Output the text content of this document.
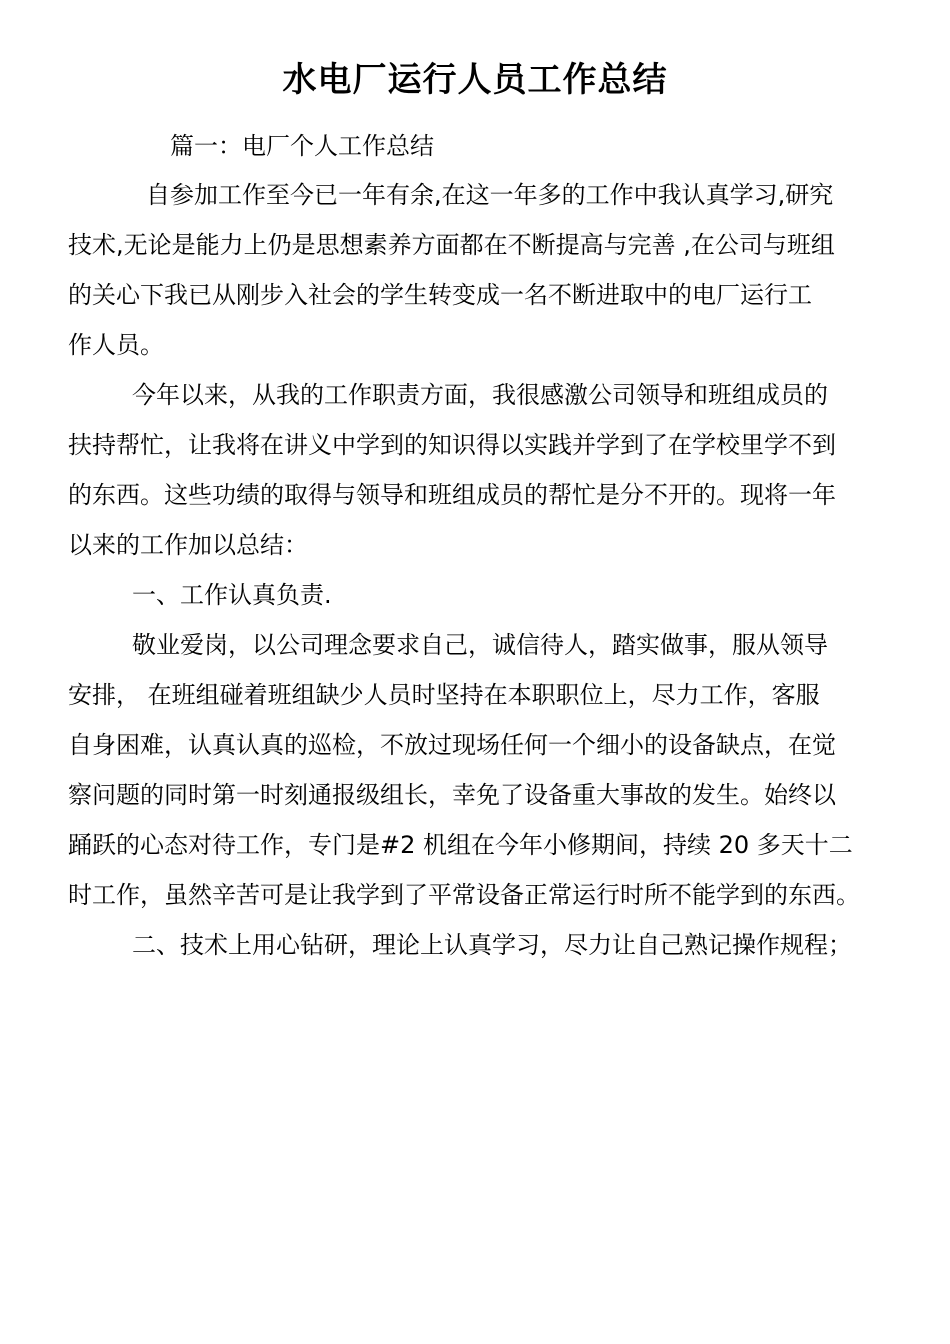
水电厂运行人员工作总结

篇一：电厂个人工作总结

自参加工作至今已一年有余,在这一年多的工作中我认真学习,研究
技术,无论是能力上仍是思想素养方面都在不断提高与完善 ,在公司与班组
的关心下我已从刚步入社会的学生转变成一名不断进取中的电厂运行工
作人员。
今年以来，从我的工作职责方面，我很感激公司领导和班组成员的
扶持帮忙，让我将在讲义中学到的知识得以实践并学到了在学校里学不到
的东西。这些功绩的取得与领导和班组成员的帮忙是分不开的。现将一年
以来的工作加以总结：
一、工作认真负责.
敬业爱岗，以公司理念要求自己，诚信待人，踏实做事，服从领导
安排， 在班组碰着班组缺少人员时坚持在本职职位上，尽力工作，客服
自身困难，认真认真的巡检，不放过现场任何一个细小的设备缺点，在觉
察问题的同时第一时刻通报级组长，幸免了设备重大事故的发生。始终以
踊跃的心态对待工作，专门是#2 机组在今年小修期间，持续 20 多天十二
时工作，虽然辛苦可是让我学到了平常设备正常运行时所不能学到的东西。
二、技术上用心钻研，理论上认真学习，尽力让自己熟记操作规程；
